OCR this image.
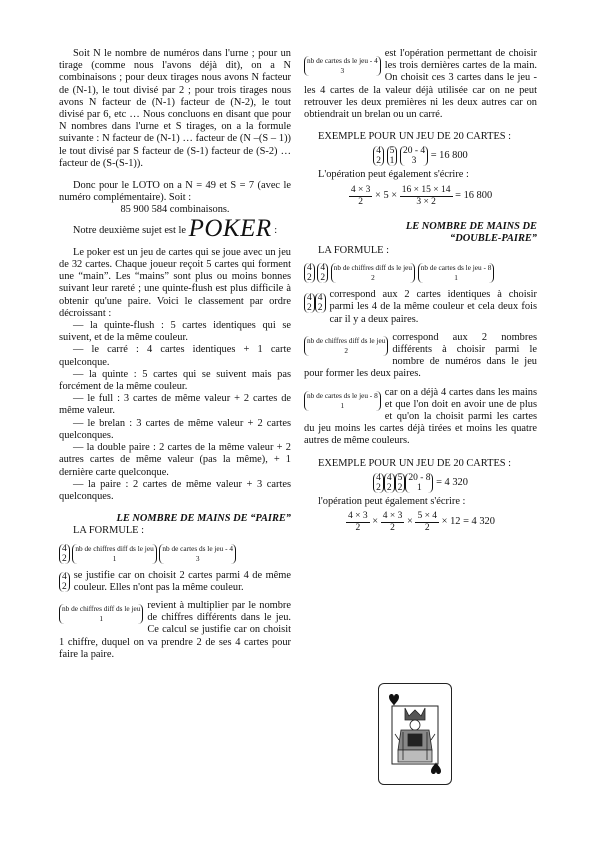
Soit N le nombre de numéros dans l'urne ; pour un tirage (comme nous l'avons déjà dit), on a N combinaisons ; pour deux tirages nous avons N facteur de (N-1), le tout divisé par 2 ; pour trois tirages nous avons N facteur de (N-1) facteur de (N-2), le tout divisé par 6, etc … Nous concluons en disant que pour N nombres dans l'urne et S tirages, on a la formule suivante : N facteur de (N-1) … facteur de (N –(S – 1)) le tout divisé par S facteur de (S-1) facteur de (S-2) … facteur de (S-(S-1)).

Donc pour le LOTO on a N = 49 et S = 7 (avec le numéro complémentaire). Soit :

85 900 584 combinaisons.

Notre deuxième sujet est le POKER :

Le poker est un jeu de cartes qui se joue avec un jeu de 32 cartes. Chaque joueur reçoit 5 cartes qui forment une “main”. Les “mains” sont plus ou moins bonnes suivant leur rareté ; une quinte-flush est plus difficile à obtenir qu'une paire. Voici le classement par ordre décroissant :

— la quinte-flush : 5 cartes identiques qui se suivent, et de la même couleur.

— le carré : 4 cartes identiques + 1 carte quelconque.

— la quinte : 5 cartes qui se suivent mais pas forcément de la même couleur.

— le full : 3 cartes de même valeur + 2 cartes de même valeur.

— le brelan : 3 cartes de même valeur + 2 cartes quelconques.

— la double paire : 2 cartes de la même valeur + 2 autres cartes de même valeur (pas la même), + 1 dernière carte quelconque.

— la paire : 2 cartes de même valeur + 3 cartes quelconques.

LE NOMBRE DE MAINS DE “PAIRE”

LA FORMULE :

4
2

nb de chiffres diff ds le jeu
1

nb de cartes ds le jeu - 4
3
4
2

se justifie car on choisit 2 cartes parmi 4 de même couleur. Elles n'ont pas la même couleur.

nb de chiffres diff ds le jeu
1

revient à multiplier par le nombre de chiffres différents dans le jeu. Ce calcul se justifie car on choisit 1 chiffre, duquel on va prendre 2 de ses 4 cartes pour faire la paire.

nb de cartes ds le jeu - 4
3

est l'opération permettant de choisir les trois dernières cartes de la main. On choisit ces 3 cartes dans le jeu - les 4 cartes de la valeur déjà utilisée car on ne peut retrouver les deux premières ni les deux autres car on obtiendrait un brelan ou un carré.

EXEMPLE POUR UN JEU DE 20 CARTES :

4
2

5
1

20 - 4
3
= 16 800

L'opération peut également s'écrire :

$\frac{4 \times 3}{2} \times 5 \times \frac{16 \times 15 \times 14}{3 \times 2} = 16$ 800

LE NOMBRE DE MAINS DE

“DOUBLE-PAIRE”

LA FORMULE :

4
2

4
2

nb de chiffres diff ds le jeu
2

nb de cartes ds le jeu - 8
1
4
2
4
2

correspond aux 2 cartes identiques à choisir parmi les 4 de la même couleur et cela deux fois car il y a deux paires.

nb de chiffres diff ds le jeu
2

correspond aux 2 nombres différents à choisir parmi le nombre de numéros dans le jeu pour former les deux paires.

nb de cartes ds le jeu - 8
1

car on a déjà 4 cartes dans les mains et que l'on doit en avoir une de plus et qu'on la choisit parmi les cartes du jeu moins les cartes déjà tirées et moins les quatre autres de même couleurs.

EXEMPLE POUR UN JEU DE 20 CARTES :

4
2
4
2
5
2
20 - 8
1
= 4 320

l'opération peut également s'écrire :

$\frac{4 \times 3}{2} \times \frac{4 \times 3}{2} \times \frac{5 \times 4}{2} \times 12 = 4$ 320
